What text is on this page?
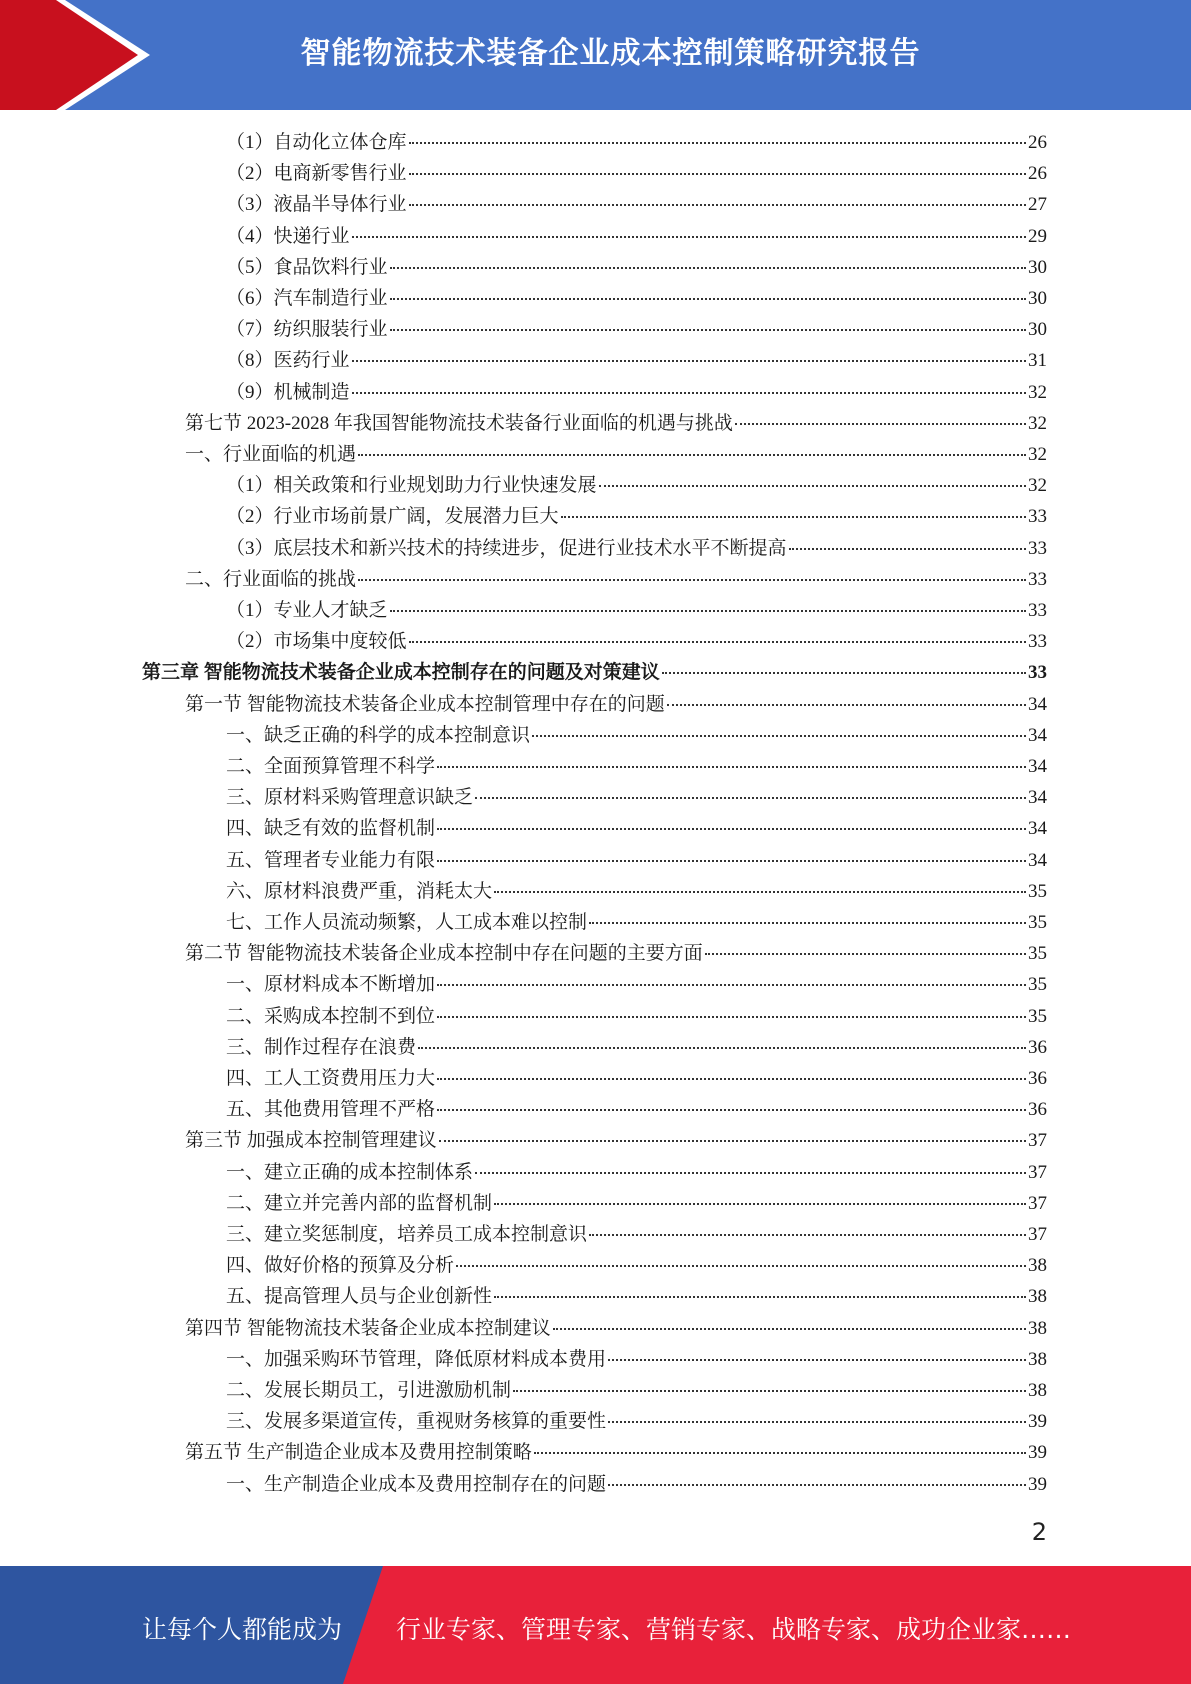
智能物流技术装备企业成本控制策略研究报告
（1）自动化立体仓库	26
（2）电商新零售行业	26
（3）液晶半导体行业	27
（4）快递行业	29
（5）食品饮料行业	30
（6）汽车制造行业	30
（7）纺织服装行业	30
（8）医药行业	31
（9）机械制造	32
第七节 2023-2028 年我国智能物流技术装备行业面临的机遇与挑战	32
一、行业面临的机遇	32
（1）相关政策和行业规划助力行业快速发展	32
（2）行业市场前景广阔，发展潜力巨大	33
（3）底层技术和新兴技术的持续进步，促进行业技术水平不断提高	33
二、行业面临的挑战	33
（1）专业人才缺乏	33
（2）市场集中度较低	33
第三章 智能物流技术装备企业成本控制存在的问题及对策建议	33
第一节 智能物流技术装备企业成本控制管理中存在的问题	34
一、缺乏正确的科学的成本控制意识	34
二、全面预算管理不科学	34
三、原材料采购管理意识缺乏	34
四、缺乏有效的监督机制	34
五、管理者专业能力有限	34
六、原材料浪费严重，消耗太大	35
七、工作人员流动频繁，人工成本难以控制	35
第二节 智能物流技术装备企业成本控制中存在问题的主要方面	35
一、原材料成本不断增加	35
二、采购成本控制不到位	35
三、制作过程存在浪费	36
四、工人工资费用压力大	36
五、其他费用管理不严格	36
第三节 加强成本控制管理建议	37
一、建立正确的成本控制体系	37
二、建立并完善内部的监督机制	37
三、建立奖惩制度，培养员工成本控制意识	37
四、做好价格的预算及分析	38
五、提高管理人员与企业创新性	38
第四节 智能物流技术装备企业成本控制建议	38
一、加强采购环节管理，降低原材料成本费用	38
二、发展长期员工，引进激励机制	38
三、发展多渠道宣传，重视财务核算的重要性	39
第五节 生产制造企业成本及费用控制策略	39
一、生产制造企业成本及费用控制存在的问题	39
2
让每个人都能成为 行业专家、管理专家、营销专家、战略专家、成功企业家……
